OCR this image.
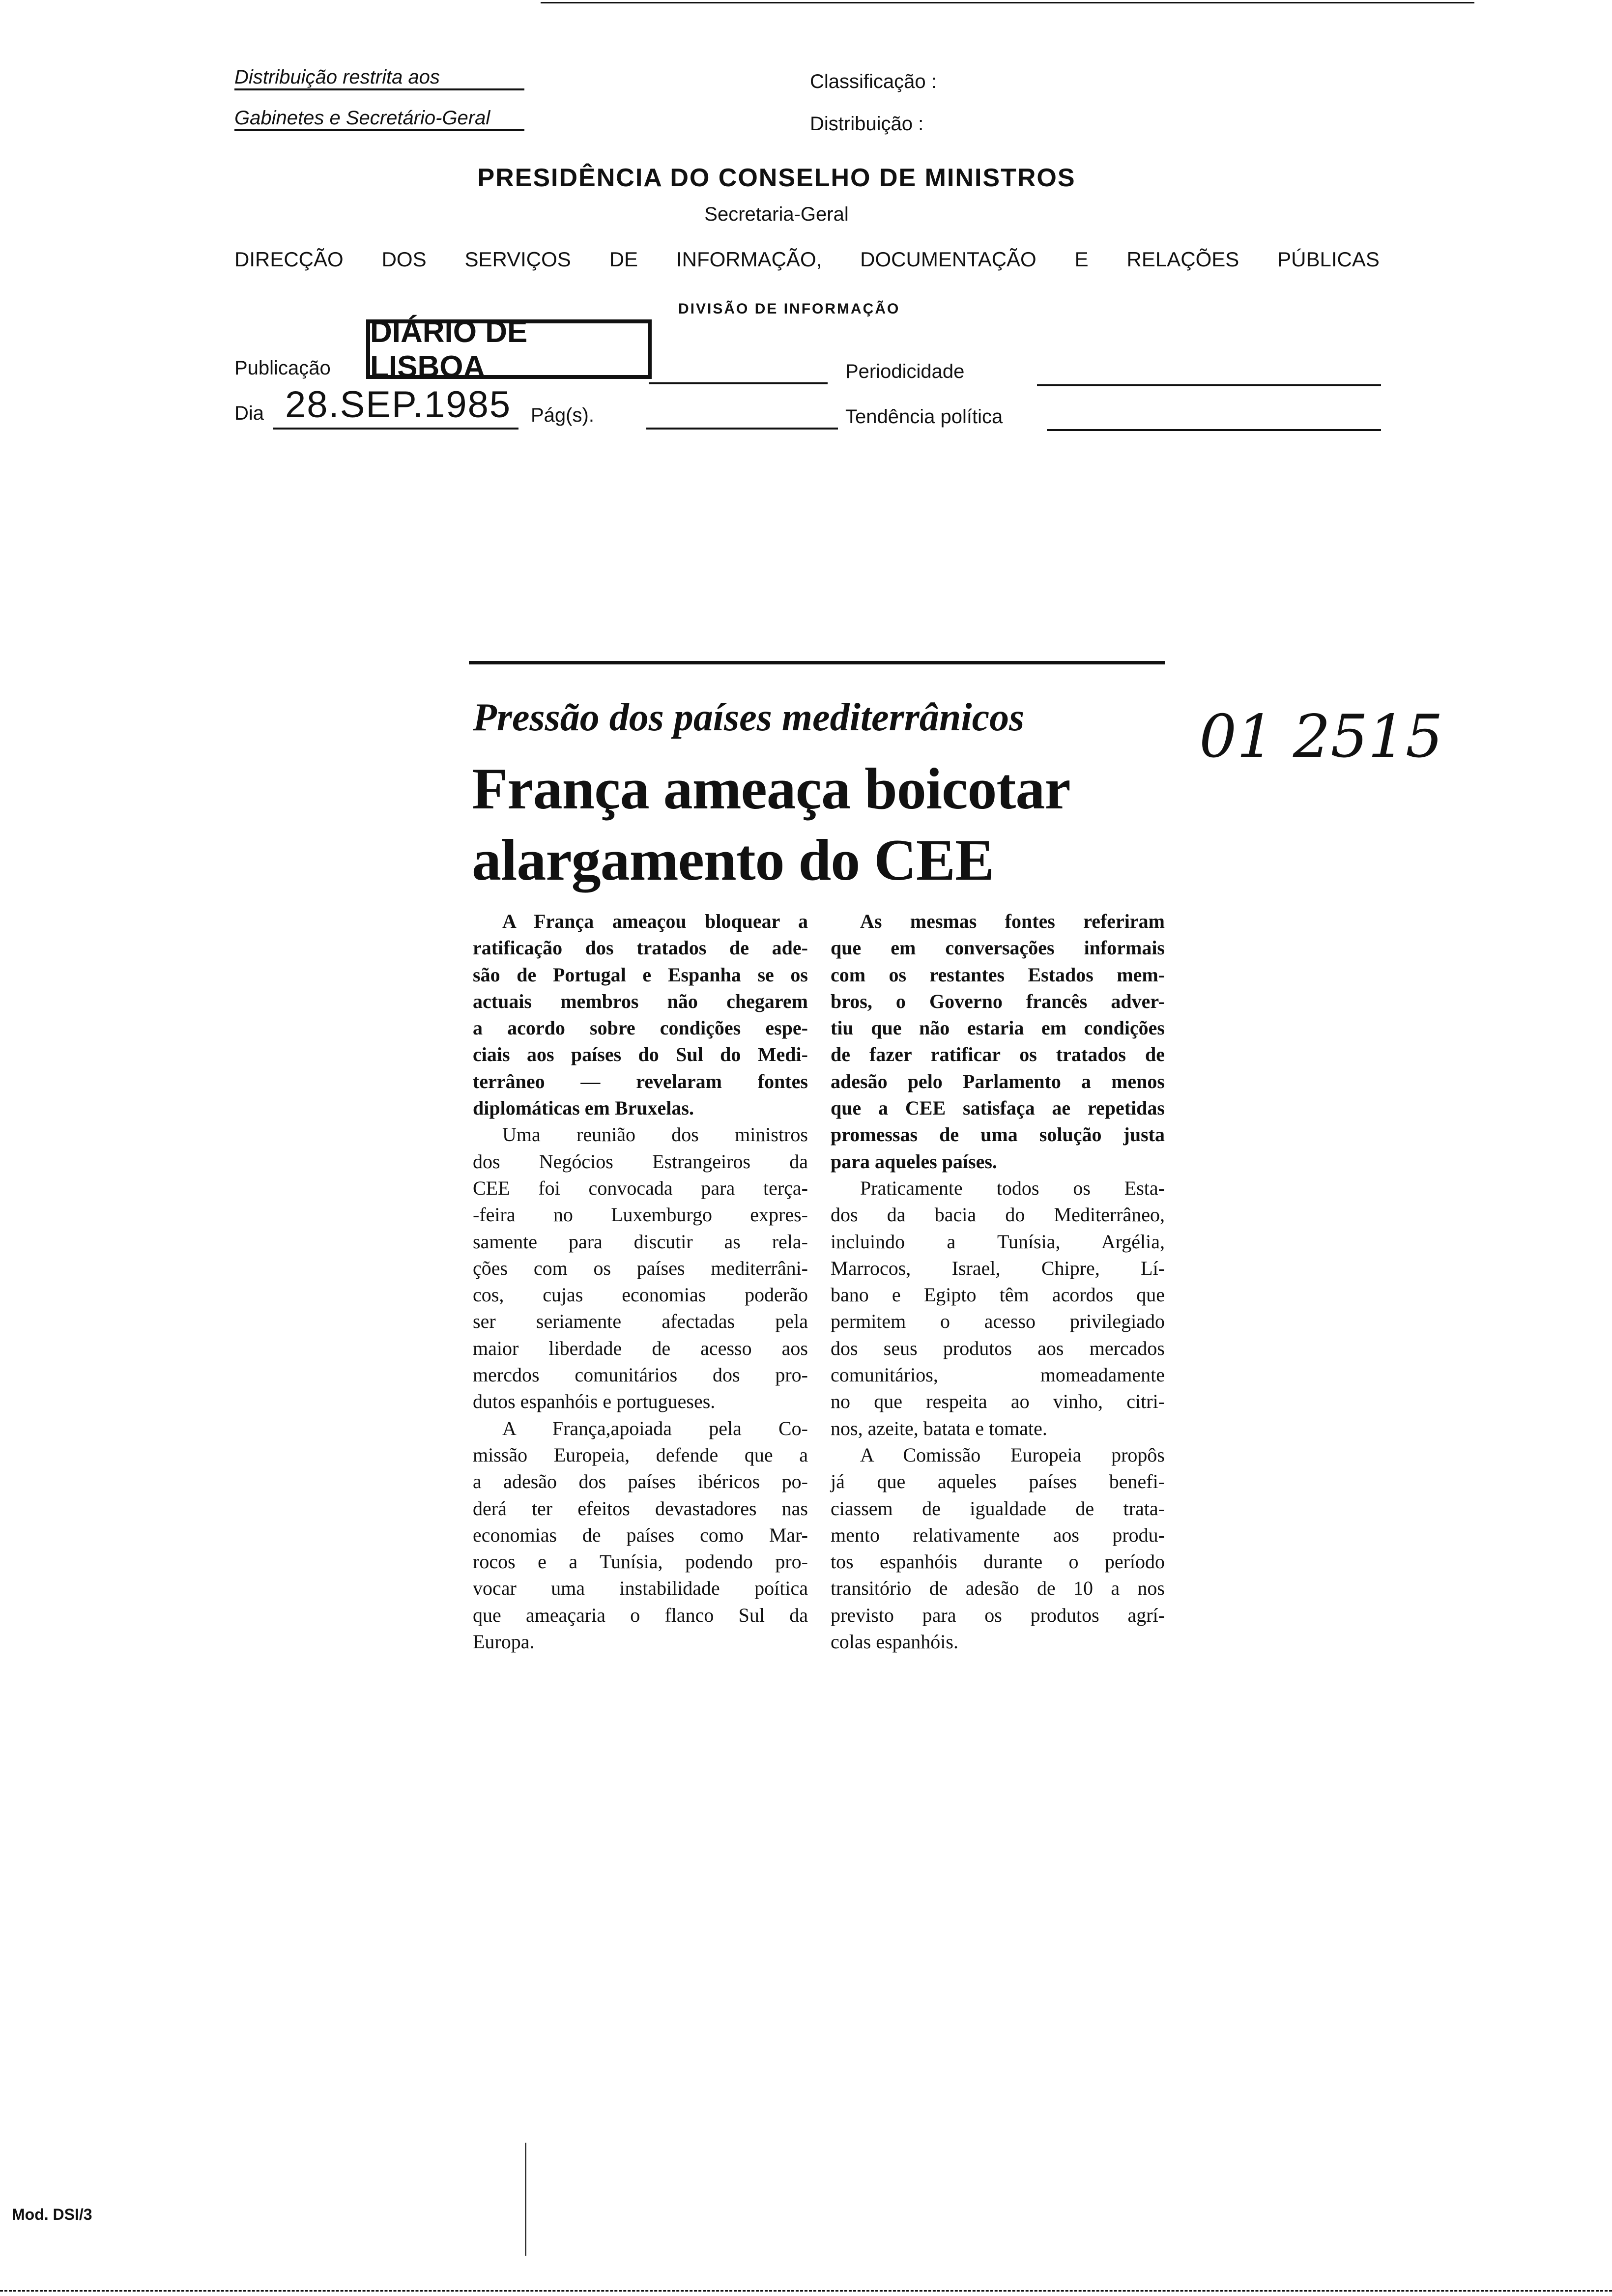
Distribuição restrita aos
Gabinetes e Secretário-Geral
Classificação :
Distribuição :
PRESIDÊNCIA DO CONSELHO DE MINISTROS
Secretaria-Geral
DIRECÇÃO DOS SERVIÇOS DE INFORMAÇÃO, DOCUMENTAÇÃO E RELAÇÕES PÚBLICAS
DIVISÃO DE INFORMAÇÃO
Publicação
DIÁRIO DE LISBOA	Periodicidade
Dia 28.SEP.1985 Pág(s).	Tendência política
Pressão dos países mediterrânicos
França ameaça boicotar
alargamento do CEE
01 2515
A França ameaçou bloquear a
ratificação dos tratados de ade-
são de Portugal e Espanha se os
actuais membros não chegarem
a acordo sobre condições espe-
ciais aos países do Sul do Medi-
terrâneo — revelaram fontes
diplomáticas em Bruxelas.
Uma reunião dos ministros
dos Negócios Estrangeiros da
CEE foi convocada para terça-
-feira no Luxemburgo expres-
samente para discutir as rela-
ções com os países mediterrâni-
cos, cujas economias poderão
ser seriamente afectadas pela
maior liberdade de acesso aos
mercdos comunitários dos pro-
dutos espanhóis e portugueses.
A França,apoiada pela Co-
missão Europeia, defende que a
a adesão dos países ibéricos po-
derá ter efeitos devastadores nas
economias de países como Mar-
rocos e a Tunísia, podendo pro-
vocar uma instabilidade poítica
que ameaçaria o flanco Sul da
Europa.
As mesmas fontes referiram
que em conversações informais
com os restantes Estados mem-
bros, o Governo francês adver-
tiu que não estaria em condições
de fazer ratificar os tratados de
adesão pelo Parlamento a menos
que a CEE satisfaça ae repetidas
promessas de uma solução justa
para aqueles países.
Praticamente todos os Esta-
dos da bacia do Mediterrâneo,
incluindo a Tunísia, Argélia,
Marrocos, Israel, Chipre, Lí-
bano e Egipto têm acordos que
permitem o acesso privilegiado
dos seus produtos aos mercados
comunitários, momeadamente
no que respeita ao vinho, citri-
nos, azeite, batata e tomate.
A Comissão Europeia propôs
já que aqueles países benefi-
ciassem de igualdade de trata-
mento relativamente aos produ-
tos espanhóis durante o período
transitório de adesão de 10 a nos
previsto para os produtos agrí-
colas espanhóis.
Mod. DSI/3
